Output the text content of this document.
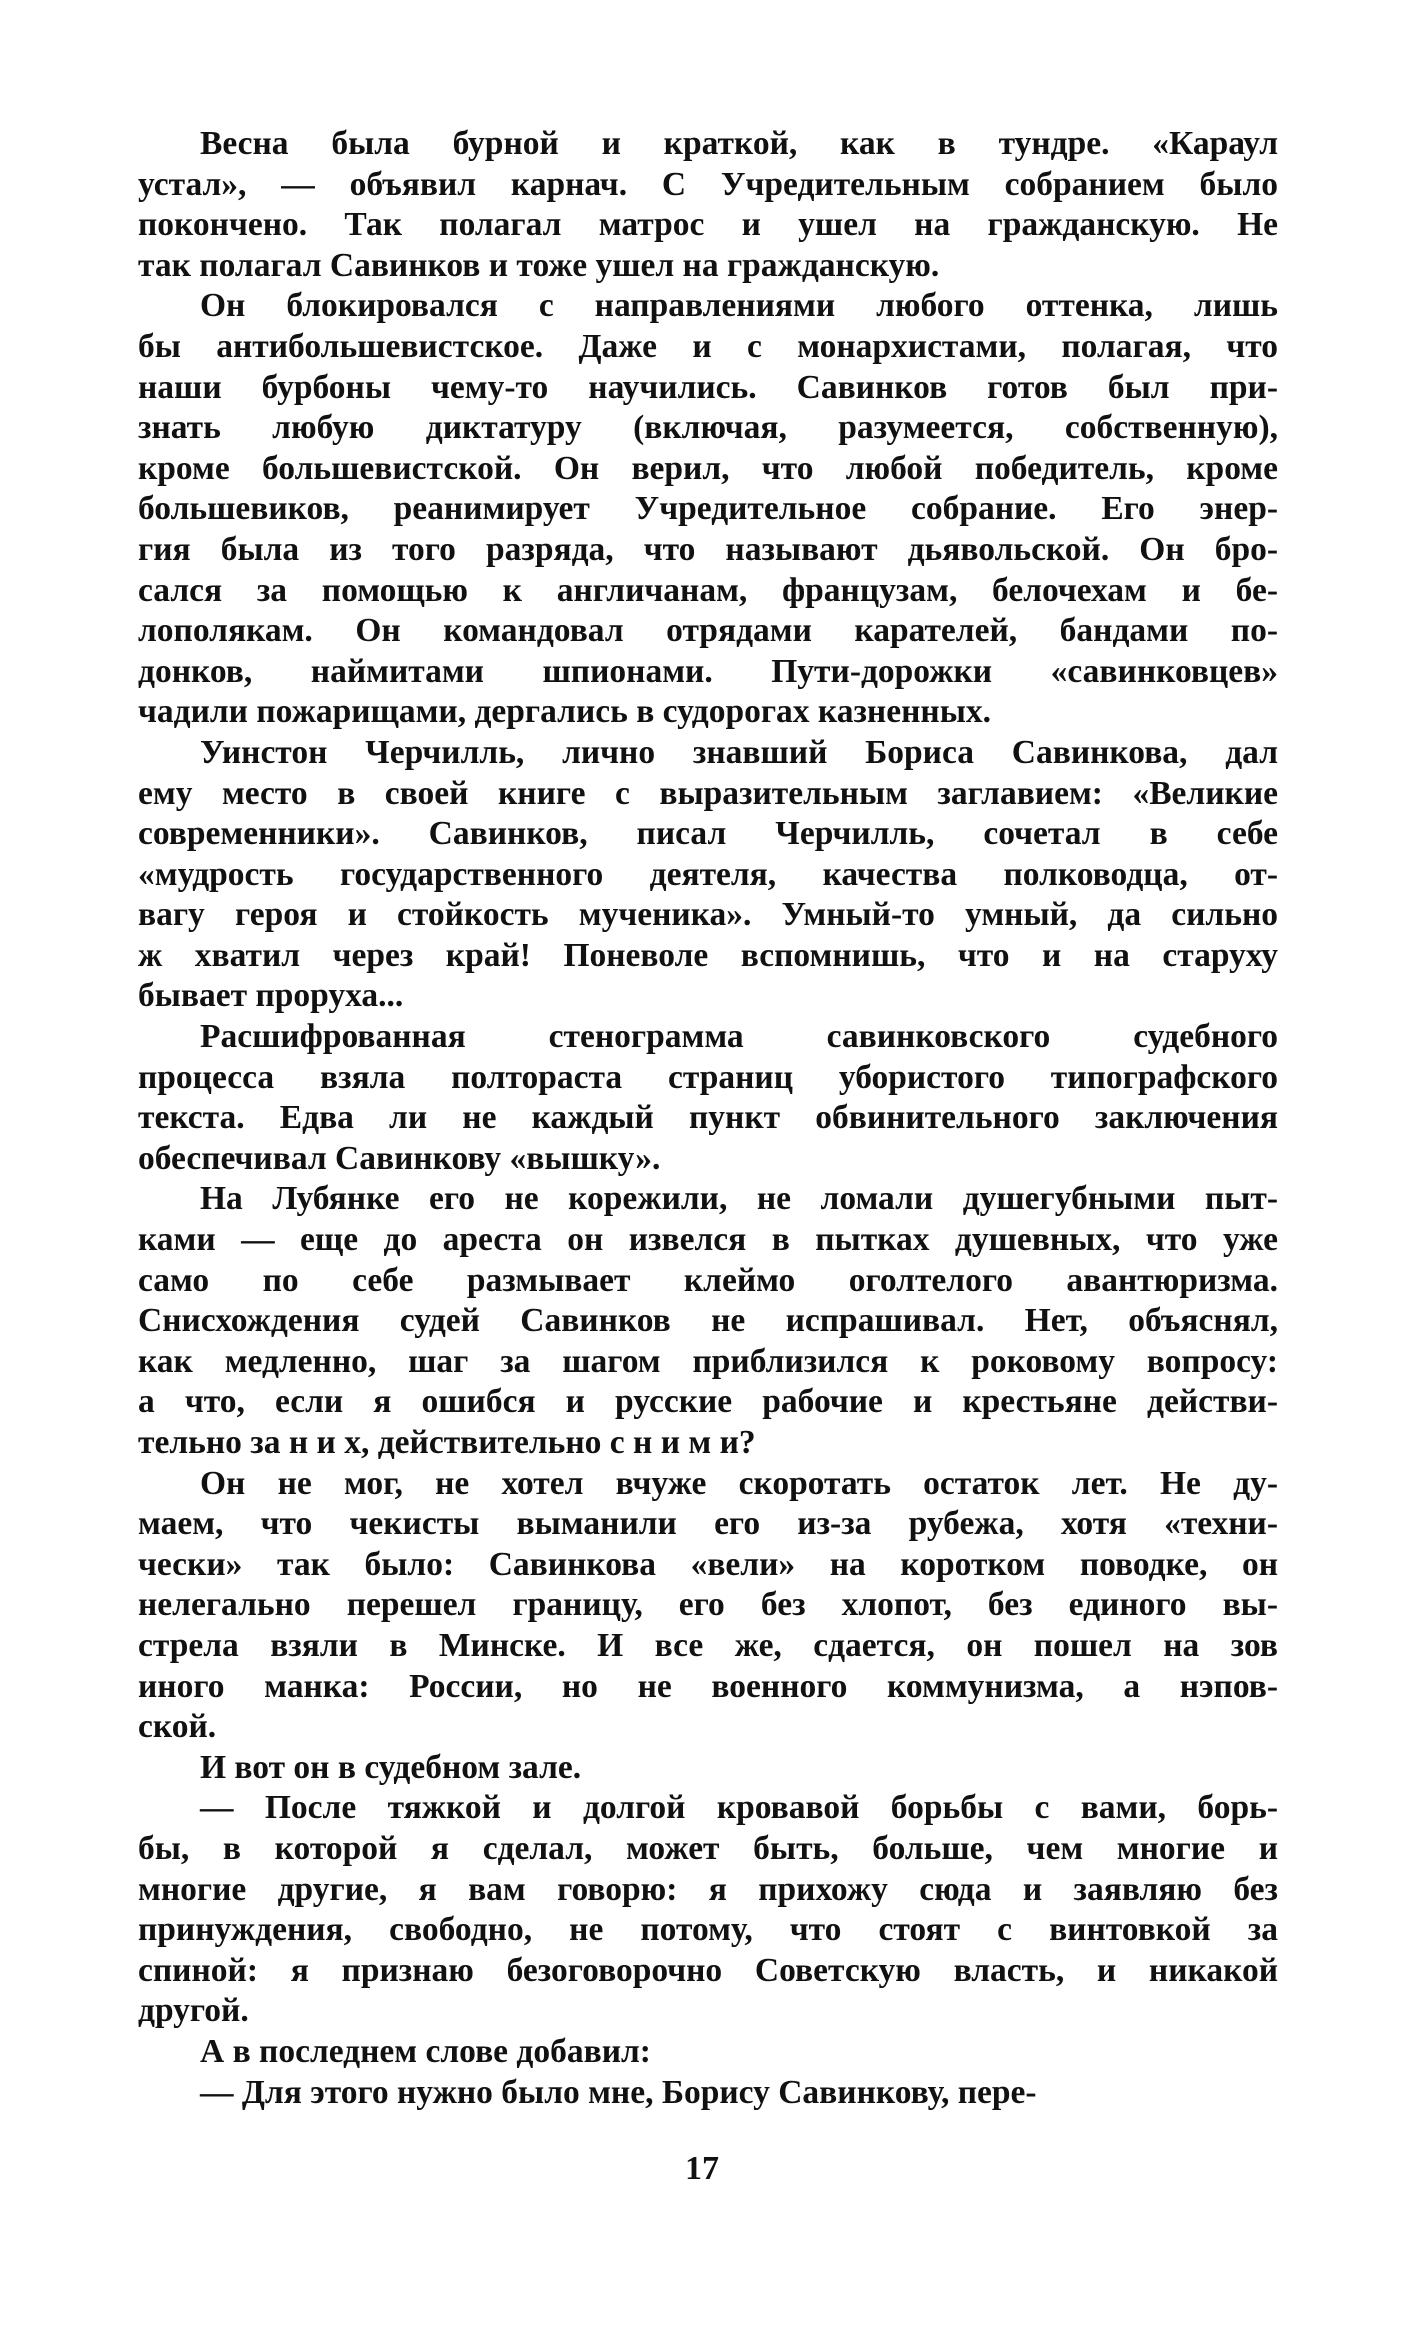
Весна была бурной и краткой, как в тундре. «Караул
устал», — объявил карнач. С Учредительным собранием было
покончено. Так полагал матрос и ушел на гражданскую. Не
так полагал Савинков и тоже ушел на гражданскую.
Он блокировался с направлениями любого оттенка, лишь
бы антибольшевистское. Даже и с монархистами, полагая, что
наши бурбоны чему-то научились. Савинков готов был при-
знать любую диктатуру (включая, разумеется, собственную),
кроме большевистской. Он верил, что любой победитель, кроме
большевиков, реанимирует Учредительное собрание. Его энер-
гия была из того разряда, что называют дьявольской. Он бро-
сался за помощью к англичанам, французам, белочехам и бе-
лополякам. Он командовал отрядами карателей, бандами по-
донков, наймитами шпионами. Пути-дорожки «савинковцев»
чадили пожарищами, дергались в судорогах казненных.
Уинстон Черчилль, лично знавший Бориса Савинкова, дал
ему место в своей книге с выразительным заглавием: «Великие
современники». Савинков, писал Черчилль, сочетал в себе
«мудрость государственного деятеля, качества полководца, от-
вагу героя и стойкость мученика». Умный-то умный, да сильно
ж хватил через край! Поневоле вспомнишь, что и на старуху
бывает проруха...
Расшифрованная стенограмма савинковского судебного
процесса взяла полтораста страниц убористого типографского
текста. Едва ли не каждый пункт обвинительного заключения
обеспечивал Савинкову «вышку».
На Лубянке его не корежили, не ломали душегубными пыт-
ками — еще до ареста он извелся в пытках душевных, что уже
само по себе размывает клеймо оголтелого авантюризма.
Снисхождения судей Савинков не испрашивал. Нет, объяснял,
как медленно, шаг за шагом приблизился к роковому вопросу:
а что, если я ошибся и русские рабочие и крестьяне действи-
тельно за н и х, действительно с н и м и?
Он не мог, не хотел вчуже скоротать остаток лет. Не ду-
маем, что чекисты выманили его из-за рубежа, хотя «техни-
чески» так было: Савинкова «вели» на коротком поводке, он
нелегально перешел границу, его без хлопот, без единого вы-
стрела взяли в Минске. И все же, сдается, он пошел на зов
иного манка: России, но не военного коммунизма, а нэпов-
ской.
И вот он в судебном зале.
— После тяжкой и долгой кровавой борьбы с вами, борь-
бы, в которой я сделал, может быть, больше, чем многие и
многие другие, я вам говорю: я прихожу сюда и заявляю без
принуждения, свободно, не потому, что стоят с винтовкой за
спиной: я признаю безоговорочно Советскую власть, и никакой
другой.
А в последнем слове добавил:
— Для этого нужно было мне, Борису Савинкову, пере-
17
